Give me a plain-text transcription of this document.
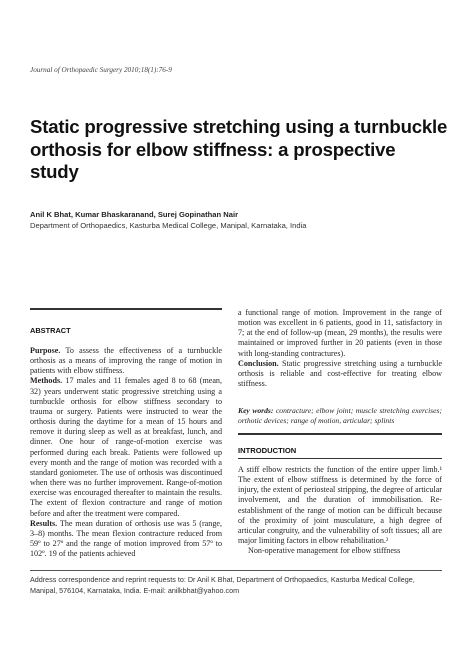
Journal of Orthopaedic Surgery 2010;18(1):76-9
Static progressive stretching using a turnbuckle
orthosis for elbow stiffness: a prospective
study
Anil K Bhat, Kumar Bhaskaranand, Surej Gopinathan Nair
Department of Orthopaedics, Kasturba Medical College, Manipal, Karnataka, India
ABSTRACT

Purpose. To assess the effectiveness of a turnbuckle orthosis as a means of improving the range of motion in patients with elbow stiffness.

Methods. 17 males and 11 females aged 8 to 68 (mean, 32) years underwent static progressive stretching using a turnbuckle orthosis for elbow stiffness secondary to trauma or surgery. Patients were instructed to wear the orthosis during the daytime for a mean of 15 hours and remove it during sleep as well as at breakfast, lunch, and dinner. One hour of range-of-motion exercise was performed during each break. Patients were followed up every month and the range of motion was recorded with a standard goniometer. The use of orthosis was discontinued when there was no further improvement. Range-of-motion exercise was encouraged thereafter to maintain the results. The extent of flexion contracture and range of motion before and after the treatment were compared.

Results. The mean duration of orthosis use was 5 (range, 3–8) months. The mean flexion contracture reduced from 59º to 27º and the range of motion improved from 57º to 102º. 19 of the patients achieved

a functional range of motion. Improvement in the range of motion was excellent in 6 patients, good in 11, satisfactory in 7; at the end of follow-up (mean, 29 months), the results were maintained or improved further in 20 patients (even in those with long-standing contractures).

Conclusion. Static progressive stretching using a turnbuckle orthosis is reliable and cost-effective for treating elbow stiffness.

Key words: contracture; elbow joint; muscle stretching exercises; orthotic devices; range of motion, articular; splints
INTRODUCTION

A stiff elbow restricts the function of the entire upper limb.¹ The extent of elbow stiffness is determined by the force of injury, the extent of periosteal stripping, the degree of articular involvement, and the duration of immobilisation. Re-establishment of the range of motion can be difficult because of the proximity of joint musculature, a high degree of articular congruity, and the vulnerability of soft tissues; all are major limiting factors in elbow rehabilitation.²

Non-operative management for elbow stiffness

Address correspondence and reprint requests to: Dr Anil K Bhat, Department of Orthopaedics, Kasturba Medical College, Manipal, 576104, Karnataka, India. E-mail: anilkbhat@yahoo.com
